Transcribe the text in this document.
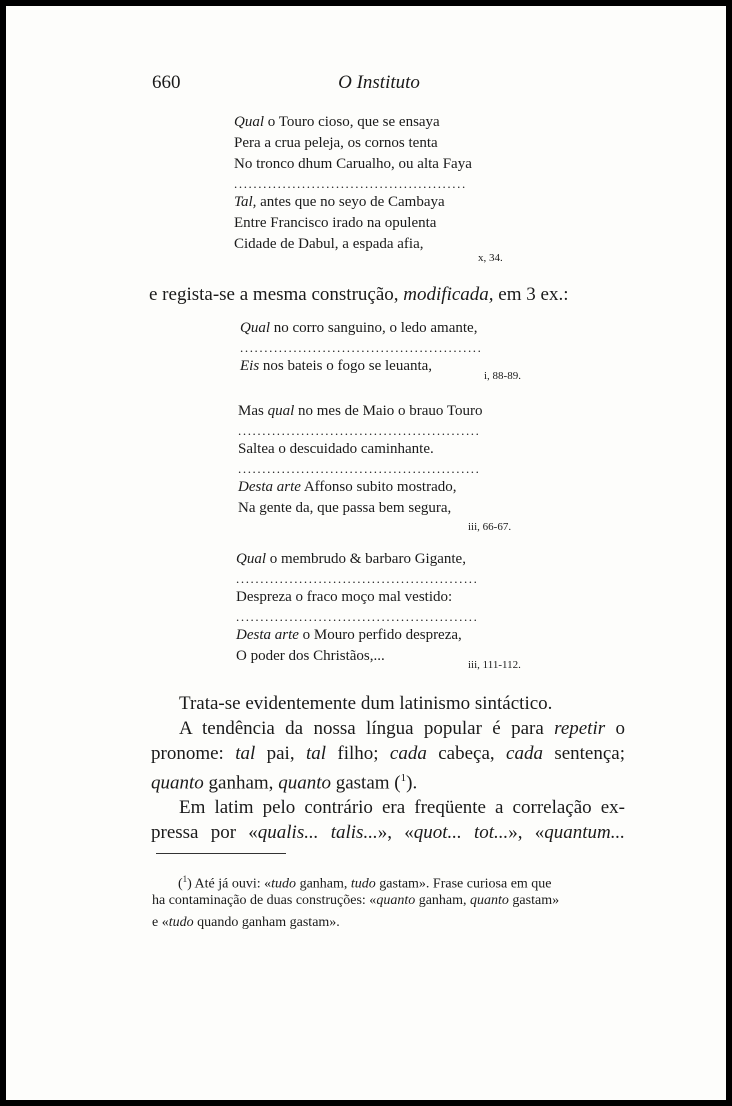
660	O Instituto
Qual o Touro cioso, que se ensaya
Pera a crua peleja, os cornos tenta
No tronco dhum Carualho, ou alta Faya
................................................
Tal, antes que no seyo de Cambaya
Entre Francisco irado na opulenta
Cidade de Dabul, a espada afia,
x, 34.
e regista-se a mesma construção, modificada, em 3 ex.:
Qual no corro sanguino, o ledo amante,
..................................................
Eis nos bateis o fogo se leuanta,
i, 88-89.
Mas qual no mes de Maio o brauo Touro
..................................................
Saltea o descuidado caminhante.
..................................................
Desta arte Affonso subito mostrado,
Na gente da, que passa bem segura,
iii, 66-67.
Qual o membrudo & barbaro Gigante,
..................................................
Despreza o fraco moço mal vestido:
..................................................
Desta arte o Mouro perfido despreza,
O poder dos Christãos,...
iii, 111-112.
Trata-se evidentemente dum latinismo sintáctico.
A tendência da nossa língua popular é para repetir o
pronome: tal pai, tal filho; cada cabeça, cada sentença;
quanto ganham, quanto gastam ($^1$).
Em latim pelo contrário era freqüente a correlação ex-
pressa por «qualis... talis...», «quot... tot...», «quantum...
($^1$) Até já ouvi: «tudo ganham, tudo gastam». Frase curiosa em que
ha contaminação de duas construções: «quanto ganham, quanto gastam»
e «tudo quando ganham gastam».
